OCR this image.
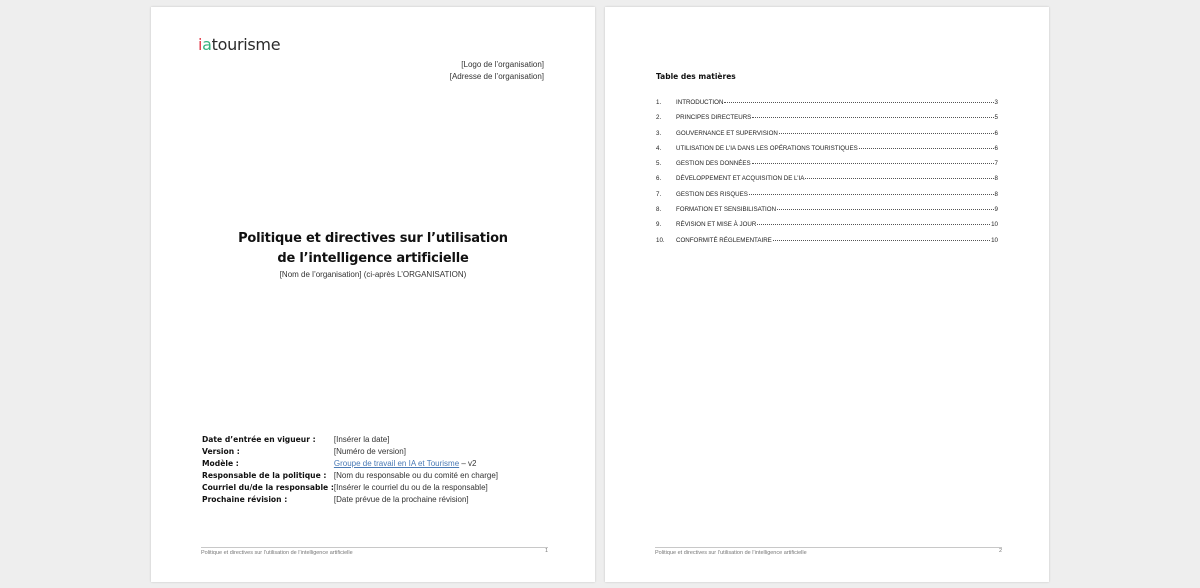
iatourisme
[Logo de l’organisation]
[Adresse de l’organisation]
Politique et directives sur l’utilisation
de l’intelligence artificielle
[Nom de l’organisation] (ci-après L’ORGANISATION)
Date d’entrée en vigueur :	[Insérer la date]
Version :	[Numéro de version]
Modèle :	Groupe de travail en IA et Tourisme – v2
Responsable de la politique :	[Nom du responsable ou du comité en charge]
Courriel du/de la responsable :	[Insérer le courriel du ou de la responsable]
Prochaine révision :	[Date prévue de la prochaine révision]
Politique et directives sur l’utilisation de l’intelligence artificielle	1
Table des matières
1.	INTRODUCTION	3
2.	PRINCIPES DIRECTEURS	5
3.	GOUVERNANCE ET SUPERVISION	6
4.	UTILISATION DE L’IA DANS LES OPÉRATIONS TOURISTIQUES	6
5.	GESTION DES DONNÉES	7
6.	DÉVELOPPEMENT ET ACQUISITION DE L’IA	8
7.	GESTION DES RISQUES	8
8.	FORMATION ET SENSIBILISATION	9
9.	RÉVISION ET MISE À JOUR	10
10.	CONFORMITÉ RÉGLEMENTAIRE	10
Politique et directives sur l’utilisation de l’intelligence artificielle	2
